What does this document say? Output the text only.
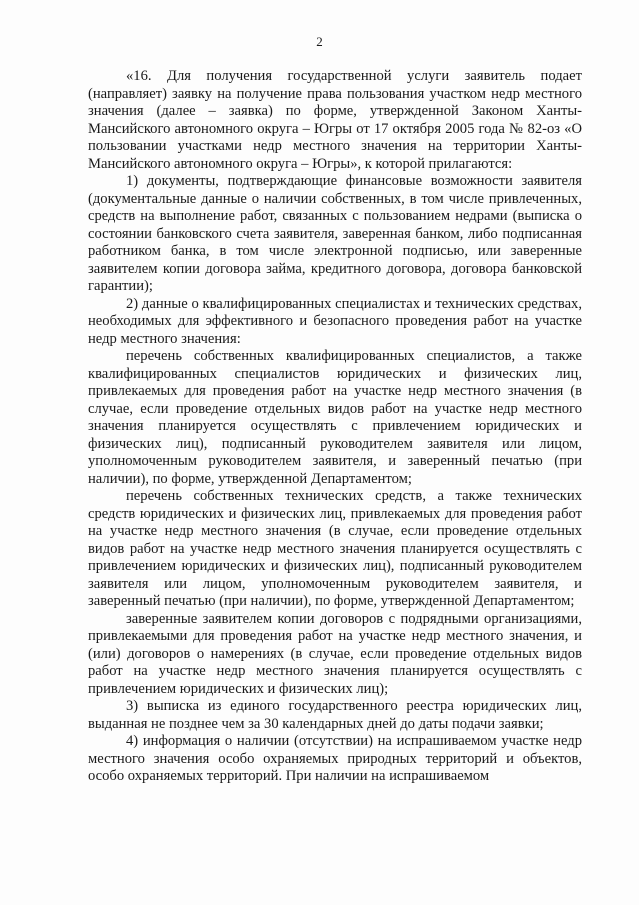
2

«16. Для получения государственной услуги заявитель подает (направляет) заявку на получение права пользования участком недр местного значения (далее – заявка) по форме, утвержденной Законом Ханты-Мансийского автономного округа – Югры от 17 октября 2005 года № 82-оз «О пользовании участками недр местного значения на территории Ханты-Мансийского автономного округа – Югры», к которой прилагаются:

1) документы, подтверждающие финансовые возможности заявителя (документальные данные о наличии собственных, в том числе привлеченных, средств на выполнение работ, связанных с пользованием недрами (выписка о состоянии банковского счета заявителя, заверенная банком, либо подписанная работником банка, в том числе электронной подписью, или заверенные заявителем копии договора займа, кредитного договора, договора банковской гарантии);

2) данные о квалифицированных специалистах и технических средствах, необходимых для эффективного и безопасного проведения работ на участке недр местного значения:

перечень собственных квалифицированных специалистов, а также квалифицированных специалистов юридических и физических лиц, привлекаемых для проведения работ на участке недр местного значения (в случае, если проведение отдельных видов работ на участке недр местного значения планируется осуществлять с привлечением юридических и физических лиц), подписанный руководителем заявителя или лицом, уполномоченным руководителем заявителя, и заверенный печатью (при наличии), по форме, утвержденной Департаментом;

перечень собственных технических средств, а также технических средств юридических и физических лиц, привлекаемых для проведения работ на участке недр местного значения (в случае, если проведение отдельных видов работ на участке недр местного значения планируется осуществлять с привлечением юридических и физических лиц), подписанный руководителем заявителя или лицом, уполномоченным руководителем заявителя, и заверенный печатью (при наличии), по форме, утвержденной Департаментом;

заверенные заявителем копии договоров с подрядными организациями, привлекаемыми для проведения работ на участке недр местного значения, и (или) договоров о намерениях (в случае, если проведение отдельных видов работ на участке недр местного значения планируется осуществлять с привлечением юридических и физических лиц);

3) выписка из единого государственного реестра юридических лиц, выданная не позднее чем за 30 календарных дней до даты подачи заявки;

4) информация о наличии (отсутствии) на испрашиваемом участке недр местного значения особо охраняемых природных территорий и объектов, особо охраняемых территорий. При наличии на испрашиваемом
